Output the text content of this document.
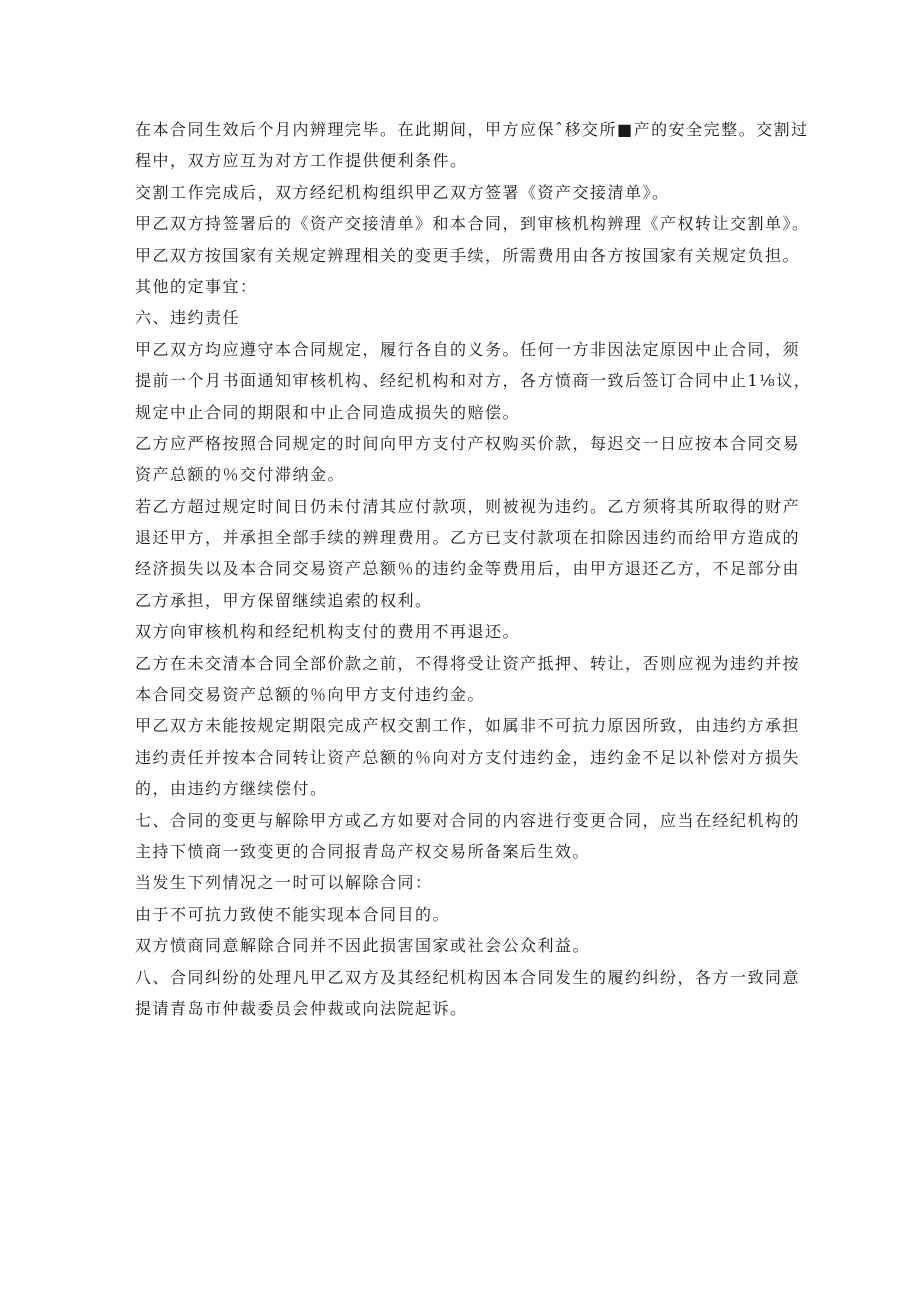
在本合同生效后个月内辨理完毕。在此期间，甲方应保ˆ移交所■产的安全完整。交割过
程中，双方应互为对方工作提供便利条件。
交割工作完成后，双方经纪机构组织甲乙双方签署《资产交接清单》。
甲乙双方持签署后的《资产交接清单》和本合同，到审核机构辨理《产权转让交割单》。
甲乙双方按国家有关规定辨理相关的变更手续，所需费用由各方按国家有关规定负担。
其他的定事宜：
六、违约责任
甲乙双方均应遵守本合同规定，履行各自的义务。任何一方非因法定原因中止合同，须
提前一个月书面通知审核机构、经纪机构和对方，各方愤商一致后签订合同中止1⅛议，
规定中止合同的期限和中止合同造成损失的赔偿。
乙方应严格按照合同规定的时间向甲方支付产权购买价款，每迟交一日应按本合同交易
资产总额的％交付滞纳金。
若乙方超过规定时间日仍未付清其应付款项，则被视为违约。乙方须将其所取得的财产
退还甲方，并承担全部手续的辨理费用。乙方已支付款项在扣除因违约而给甲方造成的
经济损失以及本合同交易资产总额％的违约金等费用后，由甲方退还乙方，不足部分由
乙方承担，甲方保留继续追索的权利。
双方向审核机构和经纪机构支付的费用不再退还。
乙方在未交清本合同全部价款之前，不得将受让资产抵押、转让，否则应视为违约并按
本合同交易资产总额的％向甲方支付违约金。
甲乙双方未能按规定期限完成产权交割工作，如属非不可抗力原因所致，由违约方承担
违约责任并按本合同转让资产总额的％向对方支付违约金，违约金不足以补偿对方损失
的，由违约方继续偿付。
七、合同的变更与解除甲方或乙方如要对合同的内容进行变更合同，应当在经纪机构的
主持下愤商一致变更的合同报青岛产权交易所备案后生效。
当发生下列情况之一时可以解除合同：
由于不可抗力致使不能实现本合同目的。
双方愤商同意解除合同并不因此损害国家或社会公众利益。
八、合同纠纷的处理凡甲乙双方及其经纪机构因本合同发生的履约纠纷，各方一致同意
提请青岛市仲裁委员会仲裁或向法院起诉。
